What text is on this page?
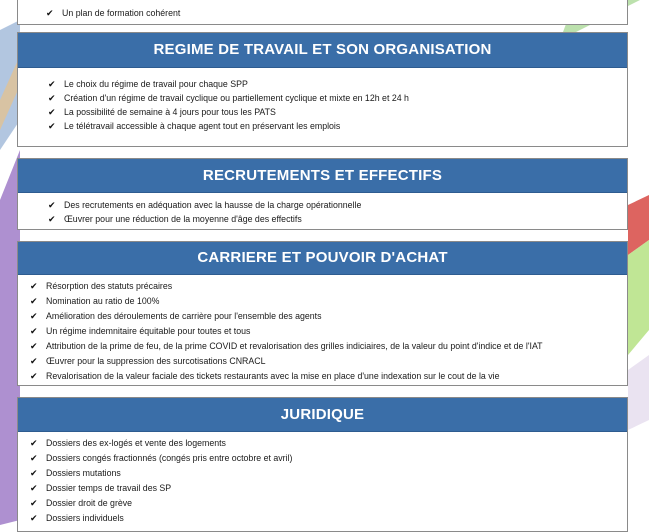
✔ Un plan de formation cohérent
REGIME DE TRAVAIL ET SON ORGANISATION
✔ Le choix du régime de travail pour chaque SPP
✔ Création d'un régime de travail cyclique ou partiellement cyclique et mixte en 12h et 24 h
✔ La possibilité de semaine à 4 jours pour tous les PATS
✔ Le télétravail accessible à chaque agent tout en préservant les emplois
RECRUTEMENTS ET EFFECTIFS
✔ Des recrutements en adéquation avec la hausse de la charge opérationnelle
✔ Œuvrer pour une réduction de la moyenne d'âge des effectifs
CARRIERE ET POUVOIR D'ACHAT
✔ Résorption des statuts précaires
✔ Nomination au ratio de 100%
✔ Amélioration des déroulements de carrière pour l'ensemble des agents
✔ Un régime indemnitaire équitable pour toutes et tous
✔ Attribution de la prime de feu, de la prime COVID et revalorisation des grilles indiciaires, de la valeur du point d'indice et de l'IAT
✔ Œuvrer pour la suppression des surcotisations CNRACL
✔ Revalorisation de la valeur faciale des tickets restaurants avec la mise en place d'une indexation sur le cout de la vie
JURIDIQUE
✔ Dossiers des ex-logés et vente des logements
✔ Dossiers congés fractionnés (congés pris entre octobre et avril)
✔ Dossiers mutations
✔ Dossier temps de travail des SP
✔ Dossier droit de grève
✔ Dossiers individuels
